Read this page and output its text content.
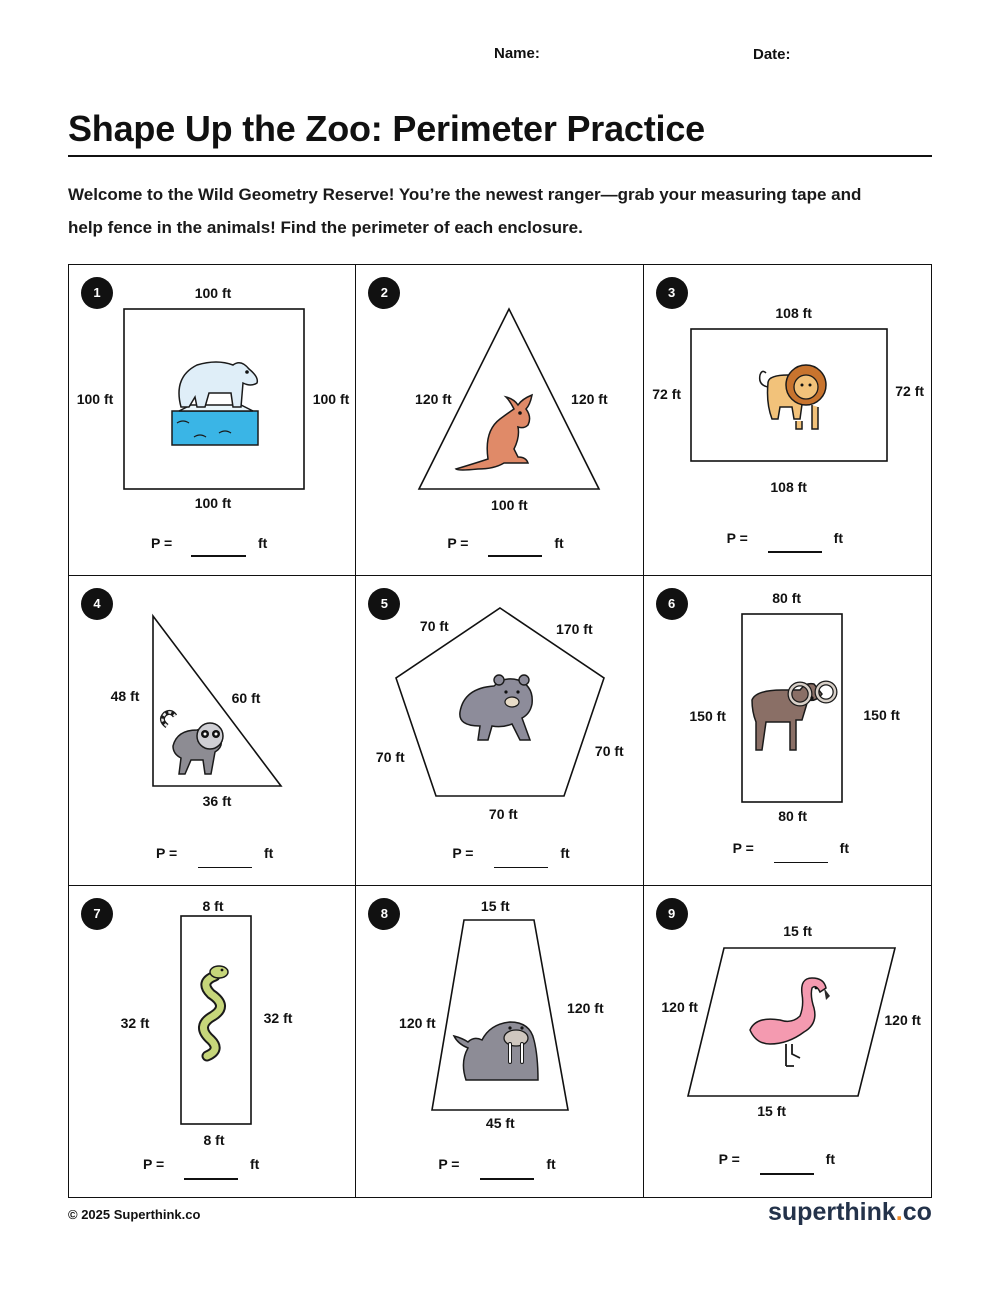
Name:	Date:
Shape Up the Zoo: Perimeter Practice
Welcome to the Wild Geometry Reserve! You’re the newest ranger—grab your measuring tape and
help fence in the animals! Find the perimeter of each enclosure.
1	100 ft
100 ft	100 ft
100 ft
P =	ft
2
120 ft	120 ft
100 ft
P =	ft
3
108 ft
72 ft	72 ft
108 ft
P =	ft
4
48 ft	60 ft
36 ft
P =	ft
5
70 ft	170 ft
70 ft	70 ft
70 ft
P =	ft
6	80 ft
150 ft	150 ft
80 ft
P =	ft
7	8 ft
32 ft	32 ft
8 ft
P =	ft
8	15 ft
120 ft
120 ft
45 ft
P =	ft
9
15 ft
120 ft
120 ft
15 ft
P =	ft
© 2025 Superthink.co	superthink.co
